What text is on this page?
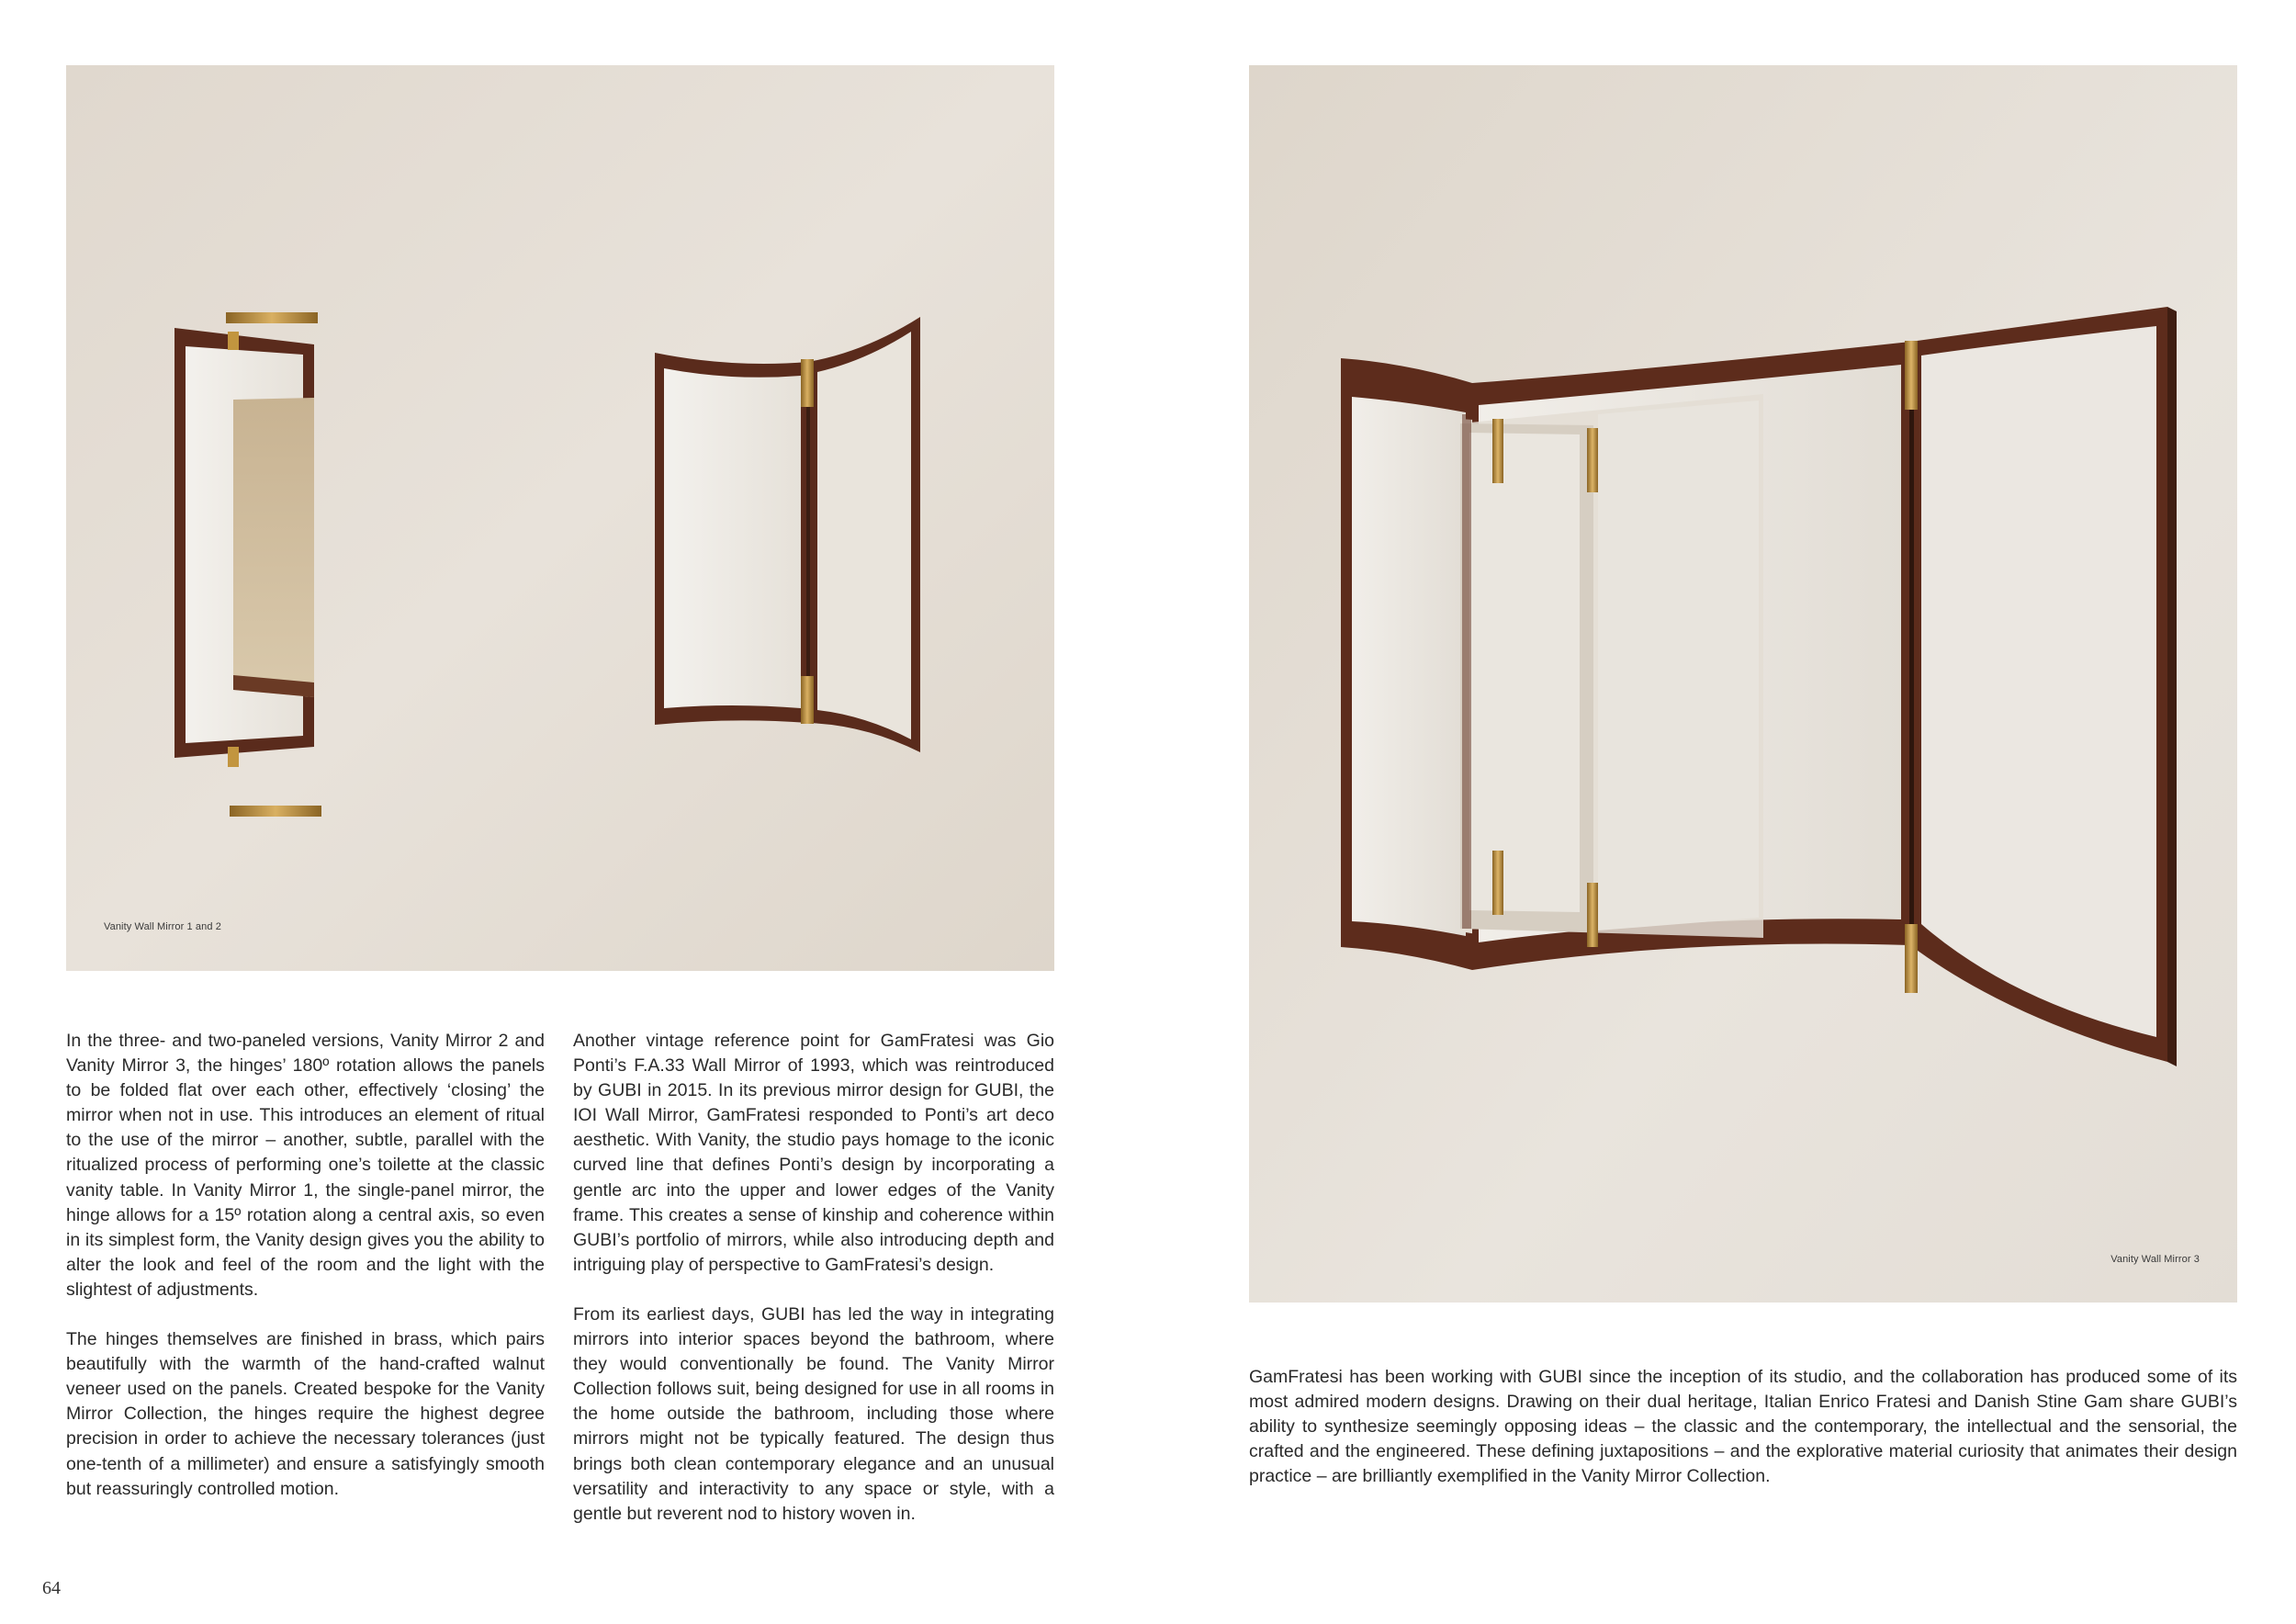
Vanity Wall Mirror 1 and 2
Vanity Wall Mirror 3

In the three- and two-paneled versions, Vanity Mirror 2 and Vanity Mirror 3, the hinges’ 180º rotation allows the panels to be folded flat over each other, effectively ‘closing’ the mirror when not in use. This introduces an element of ritual to the use of the mirror – another, subtle, parallel with the ritualized process of performing one’s toilette at the classic vanity table. In Vanity Mirror 1, the single-panel mirror, the hinge allows for a 15º rotation along a central axis, so even in its simplest form, the Vanity design gives you the ability to alter the look and feel of the room and the light with the slightest of adjustments.

The hinges themselves are finished in brass, which pairs beautifully with the warmth of the hand-crafted walnut veneer used on the panels. Created bespoke for the Vanity Mirror Collection, the hinges require the highest degree precision in order to achieve the necessary tolerances (just one-tenth of a millimeter) and ensure a satisfyingly smooth but reassuringly controlled motion.

Another vintage reference point for GamFratesi was Gio Ponti’s F.A.33 Wall Mirror of 1993, which was reintroduced by GUBI in 2015. In its previous mirror design for GUBI, the IOI Wall Mirror, GamFratesi responded to Ponti’s art deco aesthetic. With Vanity, the studio pays homage to the iconic curved line that defines Ponti’s design by incorporating a gentle arc into the upper and lower edges of the Vanity frame. This creates a sense of kinship and coherence within GUBI’s portfolio of mirrors, while also introducing depth and intriguing play of perspective to GamFratesi’s design.

From its earliest days, GUBI has led the way in integrating mirrors into interior spaces beyond the bathroom, where they would conventionally be found. The Vanity Mirror Collection follows suit, being designed for use in all rooms in the home outside the bathroom, including those where mirrors might not be typically featured. The design thus brings both clean contemporary elegance and an unusual versatility and interactivity to any space or style, with a gentle but reverent nod to history woven in.

GamFratesi has been working with GUBI since the inception of its studio, and the collaboration has produced some of its most admired modern designs. Drawing on their dual heritage, Italian Enrico Fratesi and Danish Stine Gam share GUBI’s ability to synthesize seemingly opposing ideas – the classic and the contemporary, the intellectual and the sensorial, the crafted and the engineered. These defining juxtapositions – and the explorative material curiosity that animates their design practice – are brilliantly exemplified in the Vanity Mirror Collection.

64
